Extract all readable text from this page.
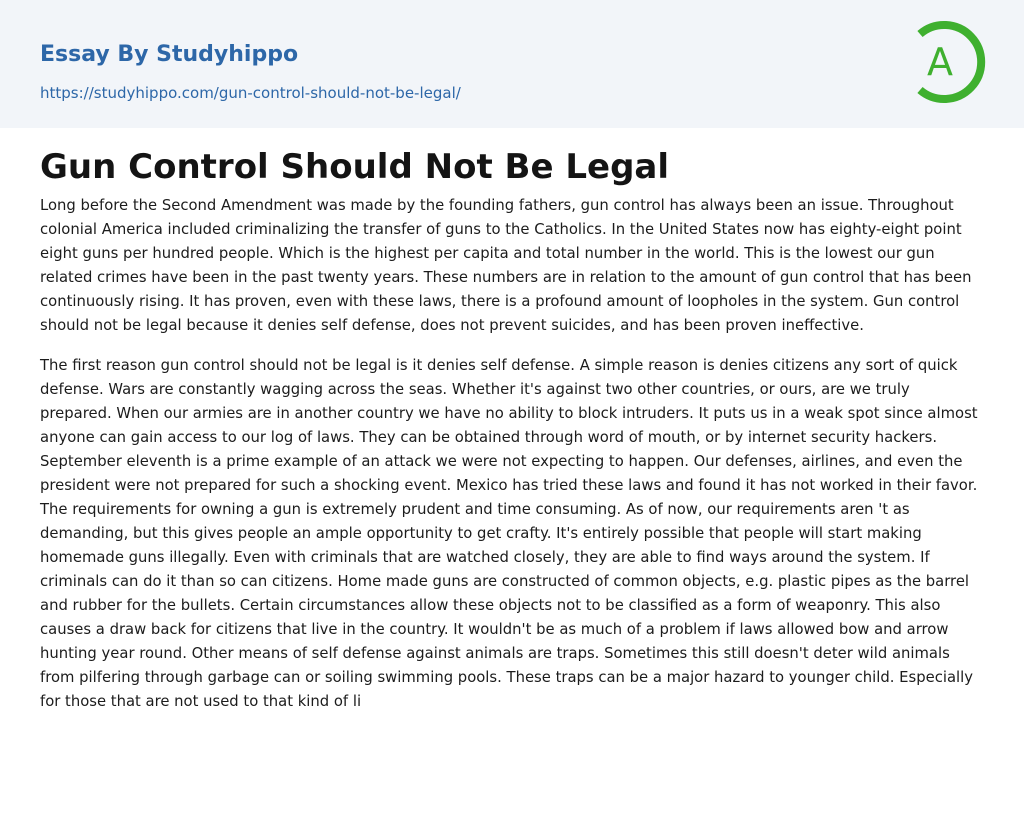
Essay By Studyhippo
https://studyhippo.com/gun-control-should-not-be-legal/
A
Gun Control Should Not Be Legal

Long before the Second Amendment was made by the founding fathers, gun control has always been an issue. Throughout colonial America included criminalizing the transfer of guns to the Catholics. In the United States now has eighty-eight point eight guns per hundred people. Which is the highest per capita and total number in the world. This is the lowest our gun related crimes have been in the past twenty years. These numbers are in relation to the amount of gun control that has been continuously rising. It has proven, even with these laws, there is a profound amount of loopholes in the system. Gun control should not be legal because it denies self defense, does not prevent suicides, and has been proven ineffective.

The first reason gun control should not be legal is it denies self defense. A simple reason is denies citizens any sort of quick defense. Wars are constantly wagging across the seas. Whether it's against two other countries, or ours, are we truly prepared. When our armies are in another country we have no ability to block intruders. It puts us in a weak spot since almost anyone can gain access to our log of laws. They can be obtained through word of mouth, or by internet security hackers. September eleventh is a prime example of an attack we were not expecting to happen. Our defenses, airlines, and even the president were not prepared for such a shocking event. Mexico has tried these laws and found it has not worked in their favor. The requirements for owning a gun is extremely prudent and time consuming. As of now, our requirements aren 't as demanding, but this gives people an ample opportunity to get crafty. It's entirely possible that people will start making homemade guns illegally. Even with criminals that are watched closely, they are able to find ways around the system. If criminals can do it than so can citizens. Home made guns are constructed of common objects, e.g. plastic pipes as the barrel and rubber for the bullets. Certain circumstances allow these objects not to be classified as a form of weaponry. This also causes a draw back for citizens that live in the country. It wouldn't be as much of a problem if laws allowed bow and arrow hunting year round. Other means of self defense against animals are traps. Sometimes this still doesn't deter wild animals from pilfering through garbage can or soiling swimming pools. These traps can be a major hazard to younger child. Especially for those that are not used to that kind of li
